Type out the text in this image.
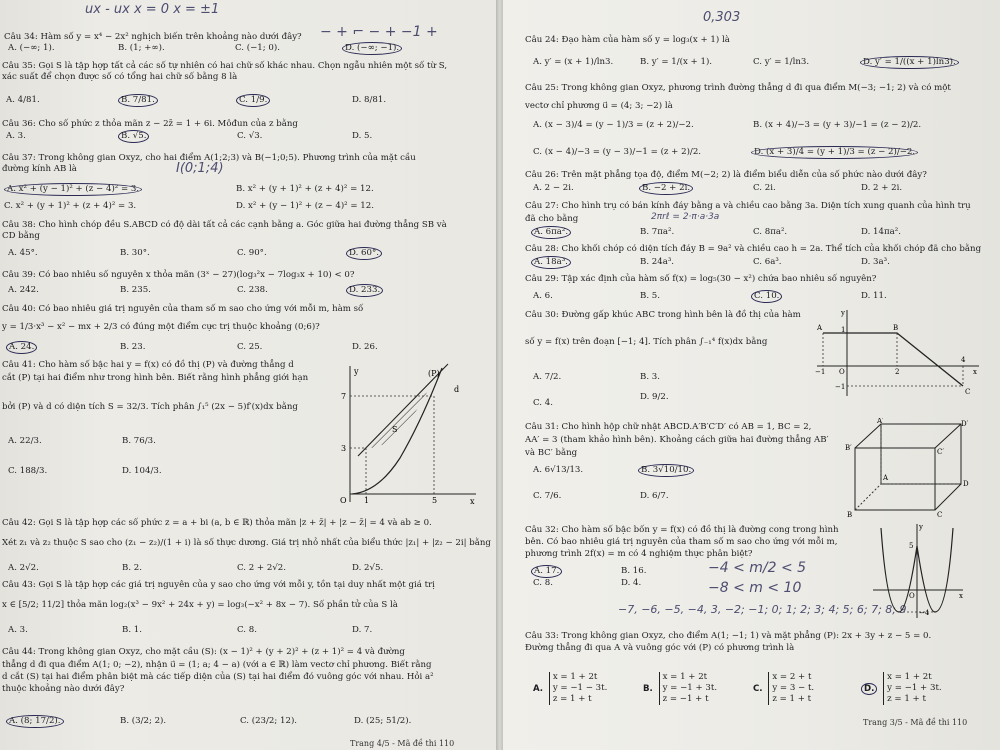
ux - ux x = 0 x = ±1
Câu 34: Hàm số y = x⁴ − 2x² nghịch biến trên khoảng nào dưới đây? − + ⌐ − + −1 +
A. (−∞; 1).	B. (1; +∞).	C. (−1; 0).	D. (−∞; −1).
Câu 35: Gọi S là tập hợp tất cả các số tự nhiên có hai chữ số khác nhau. Chọn ngẫu nhiên một số từ S,
xác suất để chọn được số có tổng hai chữ số bằng 8 là
A. 4/81.	B. 7/81.	C. 1/9.	D. 8/81.
Câu 36: Cho số phức z thỏa mãn z − 2z̄ = 1 + 6i. Môđun của z bằng
A. 3.	B. √5.	C. √3.	D. 5.
Câu 37: Trong không gian Oxyz, cho hai điểm A(1;2;3) và B(−1;0;5). Phương trình của mặt cầu
đường kính AB là	I(0;1;4)
A. x² + (y − 1)² + (z − 4)² = 3.	B. x² + (y + 1)² + (z + 4)² = 12.
C. x² + (y + 1)² + (z + 4)² = 3.	D. x² + (y − 1)² + (z − 4)² = 12.
Câu 38: Cho hình chóp đều S.ABCD có độ dài tất cả các cạnh bằng a. Góc giữa hai đường thẳng SB và
CD bằng
A. 45°.	B. 30°.	C. 90°.	D. 60°.
Câu 39: Có bao nhiêu số nguyên x thỏa mãn (3ˣ − 27)(log₃²x − 7log₃x + 10) < 0?
A. 242.	B. 235.	C. 238.	D. 233.
Câu 40: Có bao nhiêu giá trị nguyên của tham số m sao cho ứng với mỗi m, hàm số
y = 1/3·x³ − x² − mx + 2/3 có đúng một điểm cực trị thuộc khoảng (0;6)?
A. 24.	B. 23.	C. 25.	D. 26.
Câu 41: Cho hàm số bậc hai y = f(x) có đồ thị (P) và đường thẳng d
cắt (P) tại hai điểm như trong hình bên. Biết rằng hình phẳng giới hạn
bởi (P) và d có diện tích S = 32/3. Tích phân ∫₁⁵ (2x − 5)f′(x)dx bằng
A. 22/3.	B. 76/3.
C. 188/3.	D. 104/3.
y
x
(P)
d
S
7
3
O 1	5
Câu 42: Gọi S là tập hợp các số phức z = a + bi (a, b ∈ ℝ) thỏa mãn |z + z̄| + |z − z̄| = 4 và ab ≥ 0.
Xét z₁ và z₂ thuộc S sao cho (z₁ − z₂)/(1 + i) là số thực dương. Giá trị nhỏ nhất của biểu thức |z₁| + |z₂ − 2i| bằng
A. 2√2.	B. 2.	C. 2 + 2√2.	D. 2√5.
Câu 43: Gọi S là tập hợp các giá trị nguyên của y sao cho ứng với mỗi y, tồn tại duy nhất một giá trị
x ∈ [5/2; 11/2] thỏa mãn log₂(x³ − 9x² + 24x + y) = log₃(−x² + 8x − 7). Số phần tử của S là
A. 3.	B. 1.	C. 8.	D. 7.
Câu 44: Trong không gian Oxyz, cho mặt cầu (S): (x − 1)² + (y + 2)² + (z + 1)² = 4 và đường
thẳng d đi qua điểm A(1; 0; −2), nhận u⃗ = (1; a; 4 − a) (với a ∈ ℝ) làm vectơ chỉ phương. Biết rằng
d cắt (S) tại hai điểm phân biệt mà các tiếp diện của (S) tại hai điểm đó vuông góc với nhau. Hỏi a²
thuộc khoảng nào dưới đây?
A. (8; 17/2).	B. (3/2; 2).	C. (23/2; 12).	D. (25; 51/2).
Trang 4/5 - Mã đề thi 110
0,303
Câu 24: Đạo hàm của hàm số y = log₃(x + 1) là
A. y′ = (x + 1)/ln3.	B. y′ = 1/(x + 1).	C. y′ = 1/ln3.	D. y′ = 1/((x + 1)ln3).
Câu 25: Trong không gian Oxyz, phương trình đường thẳng d đi qua điểm M(−3; −1; 2) và có một
vectơ chỉ phương u⃗ = (4; 3; −2) là
A. (x − 3)/4 = (y − 1)/3 = (z + 2)/−2.	B. (x + 4)/−3 = (y + 3)/−1 = (z − 2)/2.
C. (x − 4)/−3 = (y − 3)/−1 = (z + 2)/2.	D. (x + 3)/4 = (y + 1)/3 = (z − 2)/−2.
Câu 26: Trên mặt phẳng tọa độ, điểm M(−2; 2) là điểm biểu diễn của số phức nào dưới đây?
A. 2 − 2i.	B. −2 + 2i.	C. 2i.	D. 2 + 2i.
Câu 27: Cho hình trụ có bán kính đáy bằng a và chiều cao bằng 3a. Diện tích xung quanh của hình trụ
đã cho bằng	2πrℓ = 2·π·a·3a
A. 6πa².	B. 7πa².	C. 8πa².	D. 14πa².
Câu 28: Cho khối chóp có diện tích đáy B = 9a² và chiều cao h = 2a. Thể tích của khối chóp đã cho bằng
A. 18a³.	B. 24a³.	C. 6a³.	D. 3a³.
Câu 29: Tập xác định của hàm số f(x) = log₅(30 − x²) chứa bao nhiêu số nguyên?
A. 6.	B. 5.	C. 10.	D. 11.
Câu 30: Đường gấp khúc ABC trong hình bên là đồ thị của hàm
số y = f(x) trên đoạn [−1; 4]. Tích phân ∫₋₁⁴ f(x)dx bằng
A. 7/2.	B. 3.
C. 4.
D. 9/2.
y
x
A	B
C
O
1
−1	2
4
−1
Câu 31: Cho hình hộp chữ nhật ABCD.A′B′C′D′ có AB = 1, BC = 2,
AA′ = 3 (tham khảo hình bên). Khoảng cách giữa hai đường thẳng AB′
và BC′ bằng
A. 6√13/13.	B. 3√10/10.
C. 7/6.	D. 6/7.
A′	D′
B′	C′
A
D
B	C
Câu 32: Cho hàm số bậc bốn y = f(x) có đồ thị là đường cong trong hình
bên. Có bao nhiêu giá trị nguyên của tham số m sao cho ứng với mỗi m,
phương trình 2f(x) = m có 4 nghiệm thực phân biệt?
A. 17.	B. 16.
C. 8.	D. 4.
−4 < m/2 < 5
−8 < m < 10
−7, −6, −5, −4, 3, −2; −1; 0; 1; 2; 3; 4; 5; 6; 7; 8; 9
y
x
5
−4
O
Câu 33: Trong không gian Oxyz, cho điểm A(1; −1; 1) và mặt phẳng (P): 2x + 3y + z − 5 = 0.
Đường thẳng đi qua A và vuông góc với (P) có phương trình là
A. x = 1 + 2t
y = −1 − 3t.
z = 1 + t
B. x = 1 + 2t
y = −1 + 3t.
z = −1 + t
C. x = 2 + t
y = 3 − t.
z = 1 + t
D. x = 1 + 2t
y = −1 + 3t.
z = 1 + t
Trang 3/5 - Mã đề thi 110
